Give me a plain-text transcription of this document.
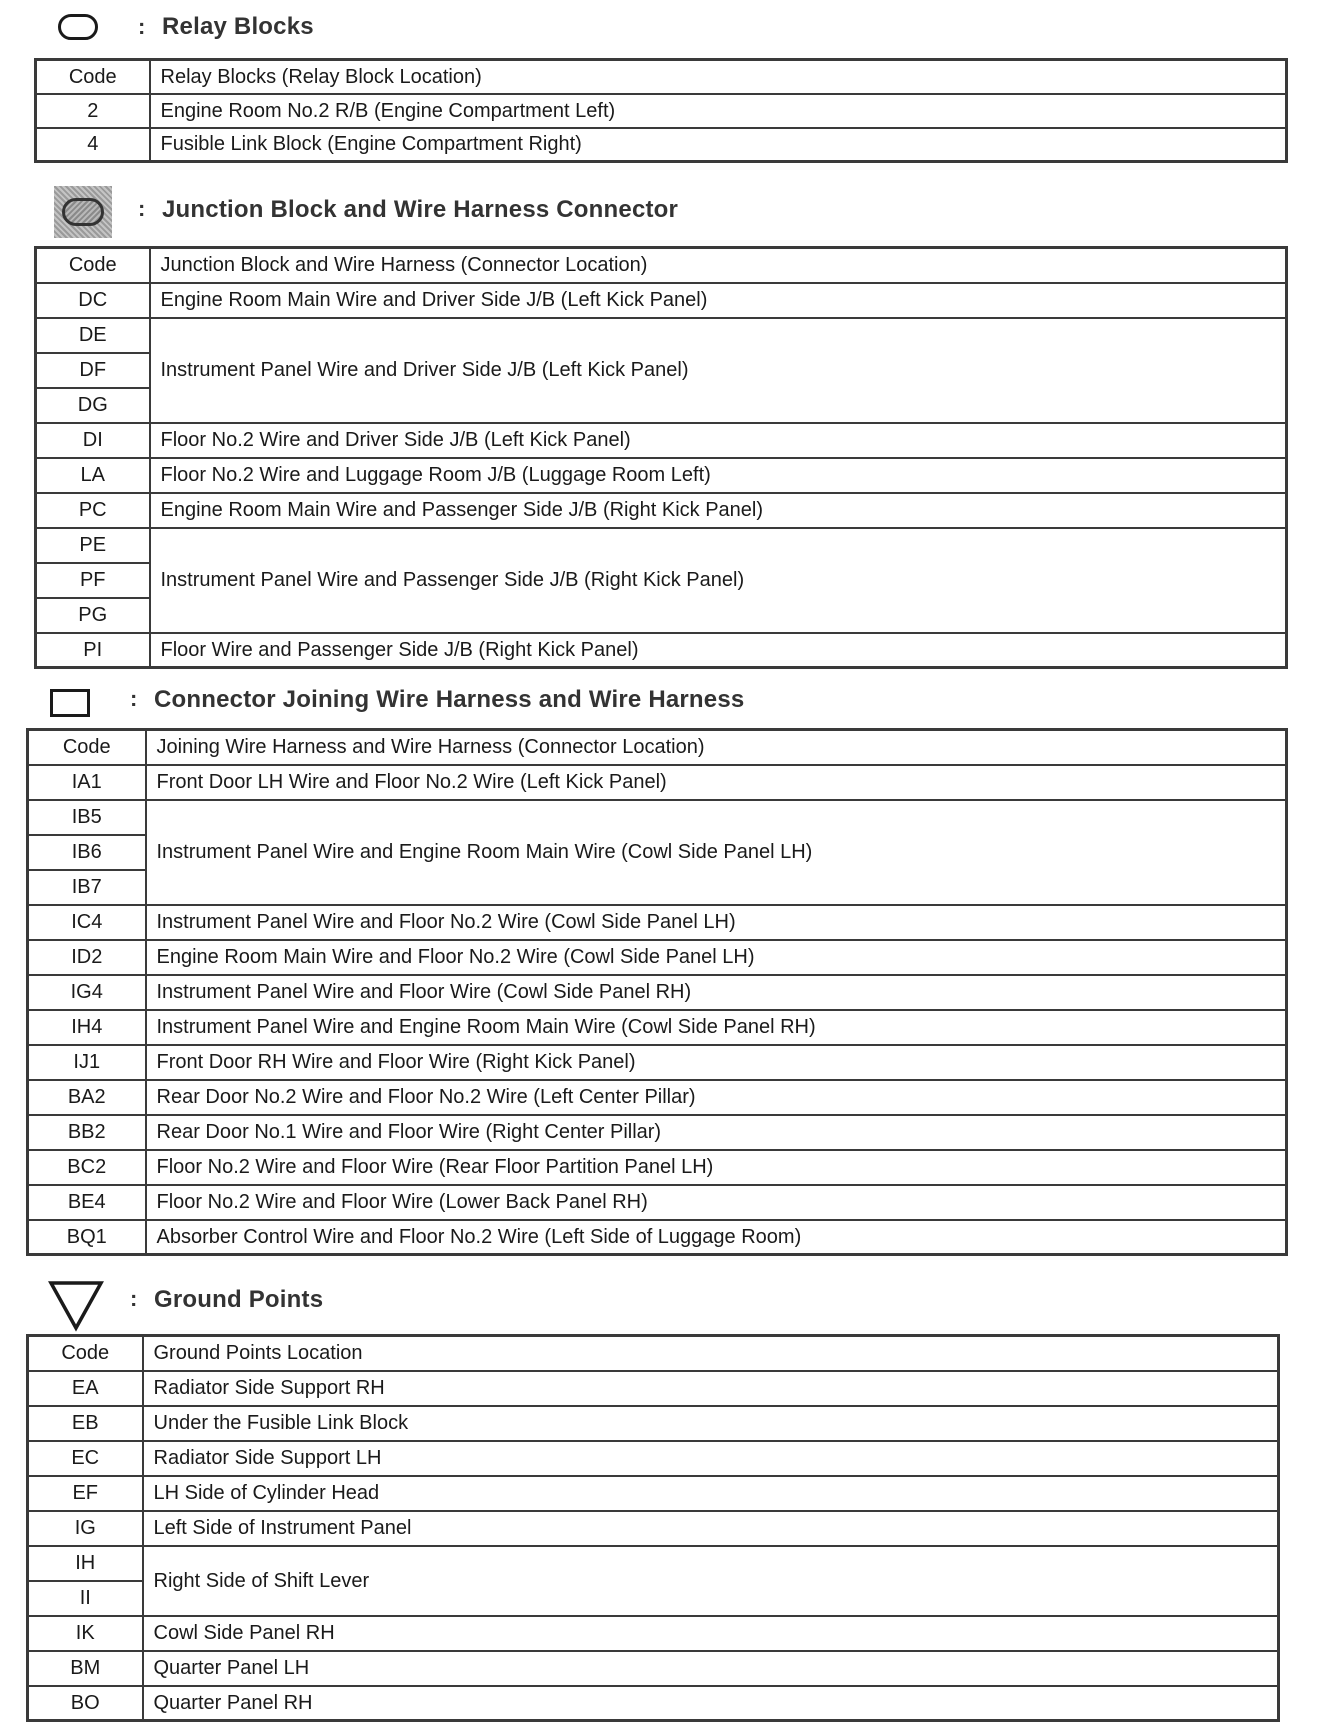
: Relay Blocks
Code	Relay Blocks (Relay Block Location)
2	Engine Room No.2 R/B (Engine Compartment Left)
4	Fusible Link Block (Engine Compartment Right)
: Junction Block and Wire Harness Connector
Code	Junction Block and Wire Harness (Connector Location)
DC	Engine Room Main Wire and Driver Side J/B (Left Kick Panel)
DE	Instrument Panel Wire and Driver Side J/B (Left Kick Panel)
DF	
DG	
DI	Floor No.2 Wire and Driver Side J/B (Left Kick Panel)
LA	Floor No.2 Wire and Luggage Room J/B (Luggage Room Left)
PC	Engine Room Main Wire and Passenger Side J/B (Right Kick Panel)
PE	Instrument Panel Wire and Passenger Side J/B (Right Kick Panel)
PF	
PG	
PI	Floor Wire and Passenger Side J/B (Right Kick Panel)
: Connector Joining Wire Harness and Wire Harness
Code	Joining Wire Harness and Wire Harness (Connector Location)
IA1	Front Door LH Wire and Floor No.2 Wire (Left Kick Panel)
IB5	Instrument Panel Wire and Engine Room Main Wire (Cowl Side Panel LH)
IB6	
IB7	
IC4	Instrument Panel Wire and Floor No.2 Wire (Cowl Side Panel LH)
ID2	Engine Room Main Wire and Floor No.2 Wire (Cowl Side Panel LH)
IG4	Instrument Panel Wire and Floor Wire (Cowl Side Panel RH)
IH4	Instrument Panel Wire and Engine Room Main Wire (Cowl Side Panel RH)
IJ1	Front Door RH Wire and Floor Wire (Right Kick Panel)
BA2	Rear Door No.2 Wire and Floor No.2 Wire (Left Center Pillar)
BB2	Rear Door No.1 Wire and Floor Wire (Right Center Pillar)
BC2	Floor No.2 Wire and Floor Wire (Rear Floor Partition Panel LH)
BE4	Floor No.2 Wire and Floor Wire (Lower Back Panel RH)
BQ1	Absorber Control Wire and Floor No.2 Wire (Left Side of Luggage Room)
: Ground Points
Code	Ground Points Location
EA	Radiator Side Support RH
EB	Under the Fusible Link Block
EC	Radiator Side Support LH
EF	LH Side of Cylinder Head
IG	Left Side of Instrument Panel
IH	Right Side of Shift Lever
II	
IK	Cowl Side Panel RH
BM	Quarter Panel LH
BO	Quarter Panel RH
